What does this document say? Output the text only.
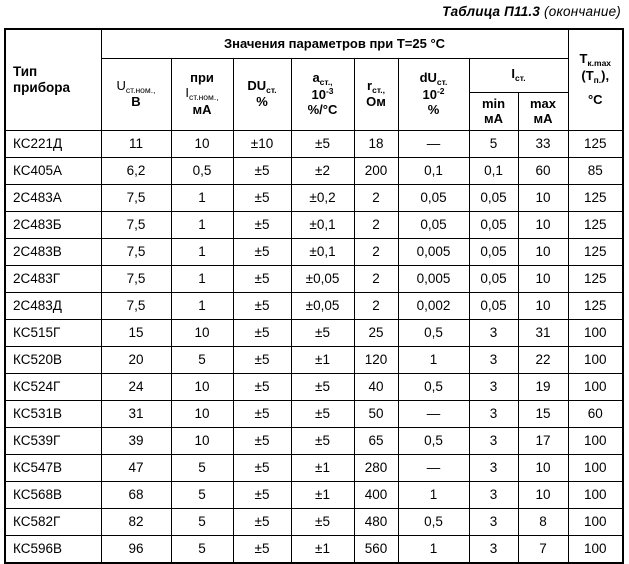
Таблица П11.3 (окончание)
Тип
прибора
	Значения параметров при Т=25 °С	
$T_{к.max}$
$(Т_{п.})$,
°С

$U_{ст.ном.,}$
В

при
$I_{ст.ном.,}$
мА

$DU_{ст.}$
%

$a_{ст.,}$
$10^{-3}$
%/°С

$r_{ст.,}$
Ом

$dU_{ст.}$
$10^{-2}$
%
	$I_{ст.}$

min
мА

max
мА

КС221Д	11	10	±10	±5	18	—	5	33	125
КС405А	6,2	0,5	±5	±2	200	0,1	0,1	60	85
2С483А	7,5	1	±5	±0,2	2	0,05	0,05	10	125
2С483Б	7,5	1	±5	±0,1	2	0,05	0,05	10	125
2С483В	7,5	1	±5	±0,1	2	0,005	0,05	10	125
2С483Г	7,5	1	±5	±0,05	2	0,005	0,05	10	125
2С483Д	7,5	1	±5	±0,05	2	0,002	0,05	10	125
КС515Г	15	10	±5	±5	25	0,5	3	31	100
КС520В	20	5	±5	±1	120	1	3	22	100
КС524Г	24	10	±5	±5	40	0,5	3	19	100
КС531В	31	10	±5	±5	50	—	3	15	60
КС539Г	39	10	±5	±5	65	0,5	3	17	100
КС547В	47	5	±5	±1	280	—	3	10	100
КС568В	68	5	±5	±1	400	1	3	10	100
КС582Г	82	5	±5	±5	480	0,5	3	8	100
КС596В	96	5	±5	±1	560	1	3	7	100
